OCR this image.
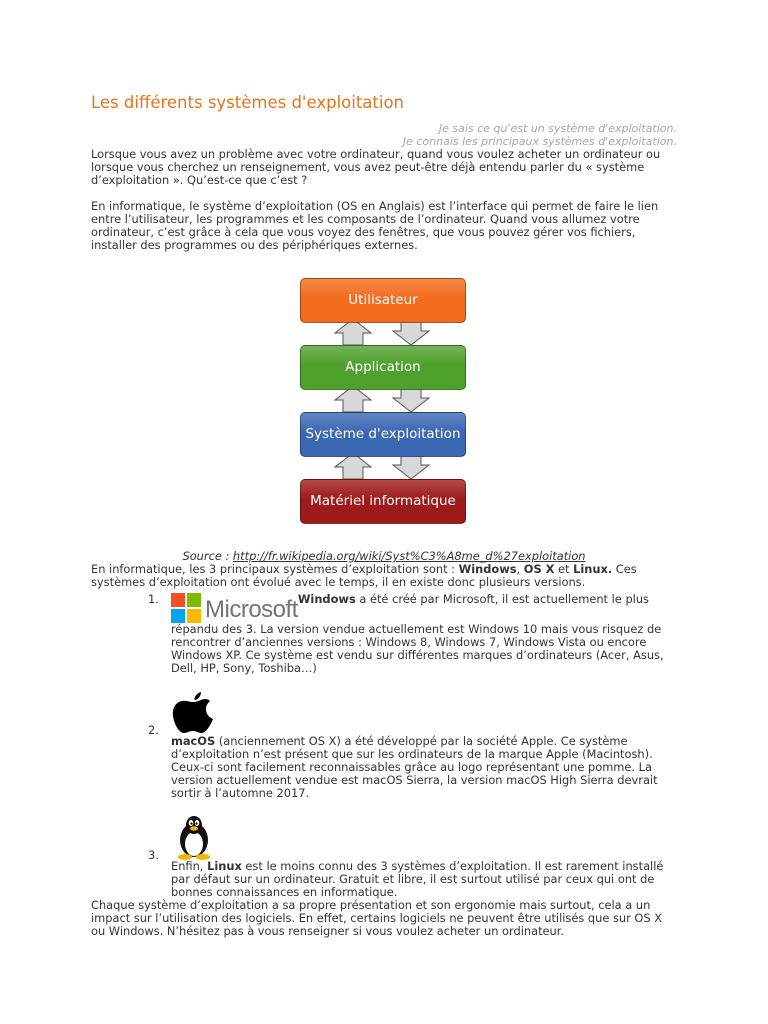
Les différents systèmes d'exploitation
Je sais ce qu'est un système d'exploitation.
Je connais les principaux systèmes d'exploitation.

Lorsque vous avez un problème avec votre ordinateur, quand vous voulez acheter un ordinateur ou lorsque vous cherchez un renseignement, vous avez peut-être déjà entendu parler du « système d’exploitation ». Qu’est-ce que c’est ?

En informatique, le système d’exploitation (OS en Anglais) est l’interface qui permet de faire le lien entre l’utilisateur, les programmes et les composants de l’ordinateur. Quand vous allumez votre ordinateur, c’est grâce à cela que vous voyez des fenêtres, que vous pouvez gérer vos fichiers, installer des programmes ou des périphériques externes.

Utilisateur
Application
Système d'exploitation
Matériel informatique
Source : http://fr.wikipedia.org/wiki/Syst%C3%A8me_d%27exploitation

En informatique, les 3 principaux systèmes d’exploitation sont : Windows, OS X et Linux. Ces systèmes d’exploitation ont évolué avec le temps, il en existe donc plusieurs versions.

1. Microsoft Windows a été créé par Microsoft, il est actuellement le plus répandu des 3. La version vendue actuellement est Windows 10 mais vous risquez de rencontrer d’anciennes versions : Windows 8, Windows 7, Windows Vista ou encore Windows XP. Ce système est vendu sur différentes marques d’ordinateurs (Acer, Asus, Dell, HP, Sony, Toshiba…)
2.
macOS (anciennement OS X) a été développé par la société Apple. Ce système d’exploitation n’est présent que sur les ordinateurs de la marque Apple (Macintosh). Ceux-ci sont facilement reconnaissables grâce au logo représentant une pomme. La version actuellement vendue est macOS Sierra, la version macOS High Sierra devrait sortir à l’automne 2017.
3.
Enfin, Linux est le moins connu des 3 systèmes d’exploitation. Il est rarement installé par défaut sur un ordinateur. Gratuit et libre, il est surtout utilisé par ceux qui ont de bonnes connaissances en informatique.

Chaque système d’exploitation a sa propre présentation et son ergonomie mais surtout, cela a un impact sur l’utilisation des logiciels. En effet, certains logiciels ne peuvent être utilisés que sur OS X ou Windows. N’hésitez pas à vous renseigner si vous voulez acheter un ordinateur.
